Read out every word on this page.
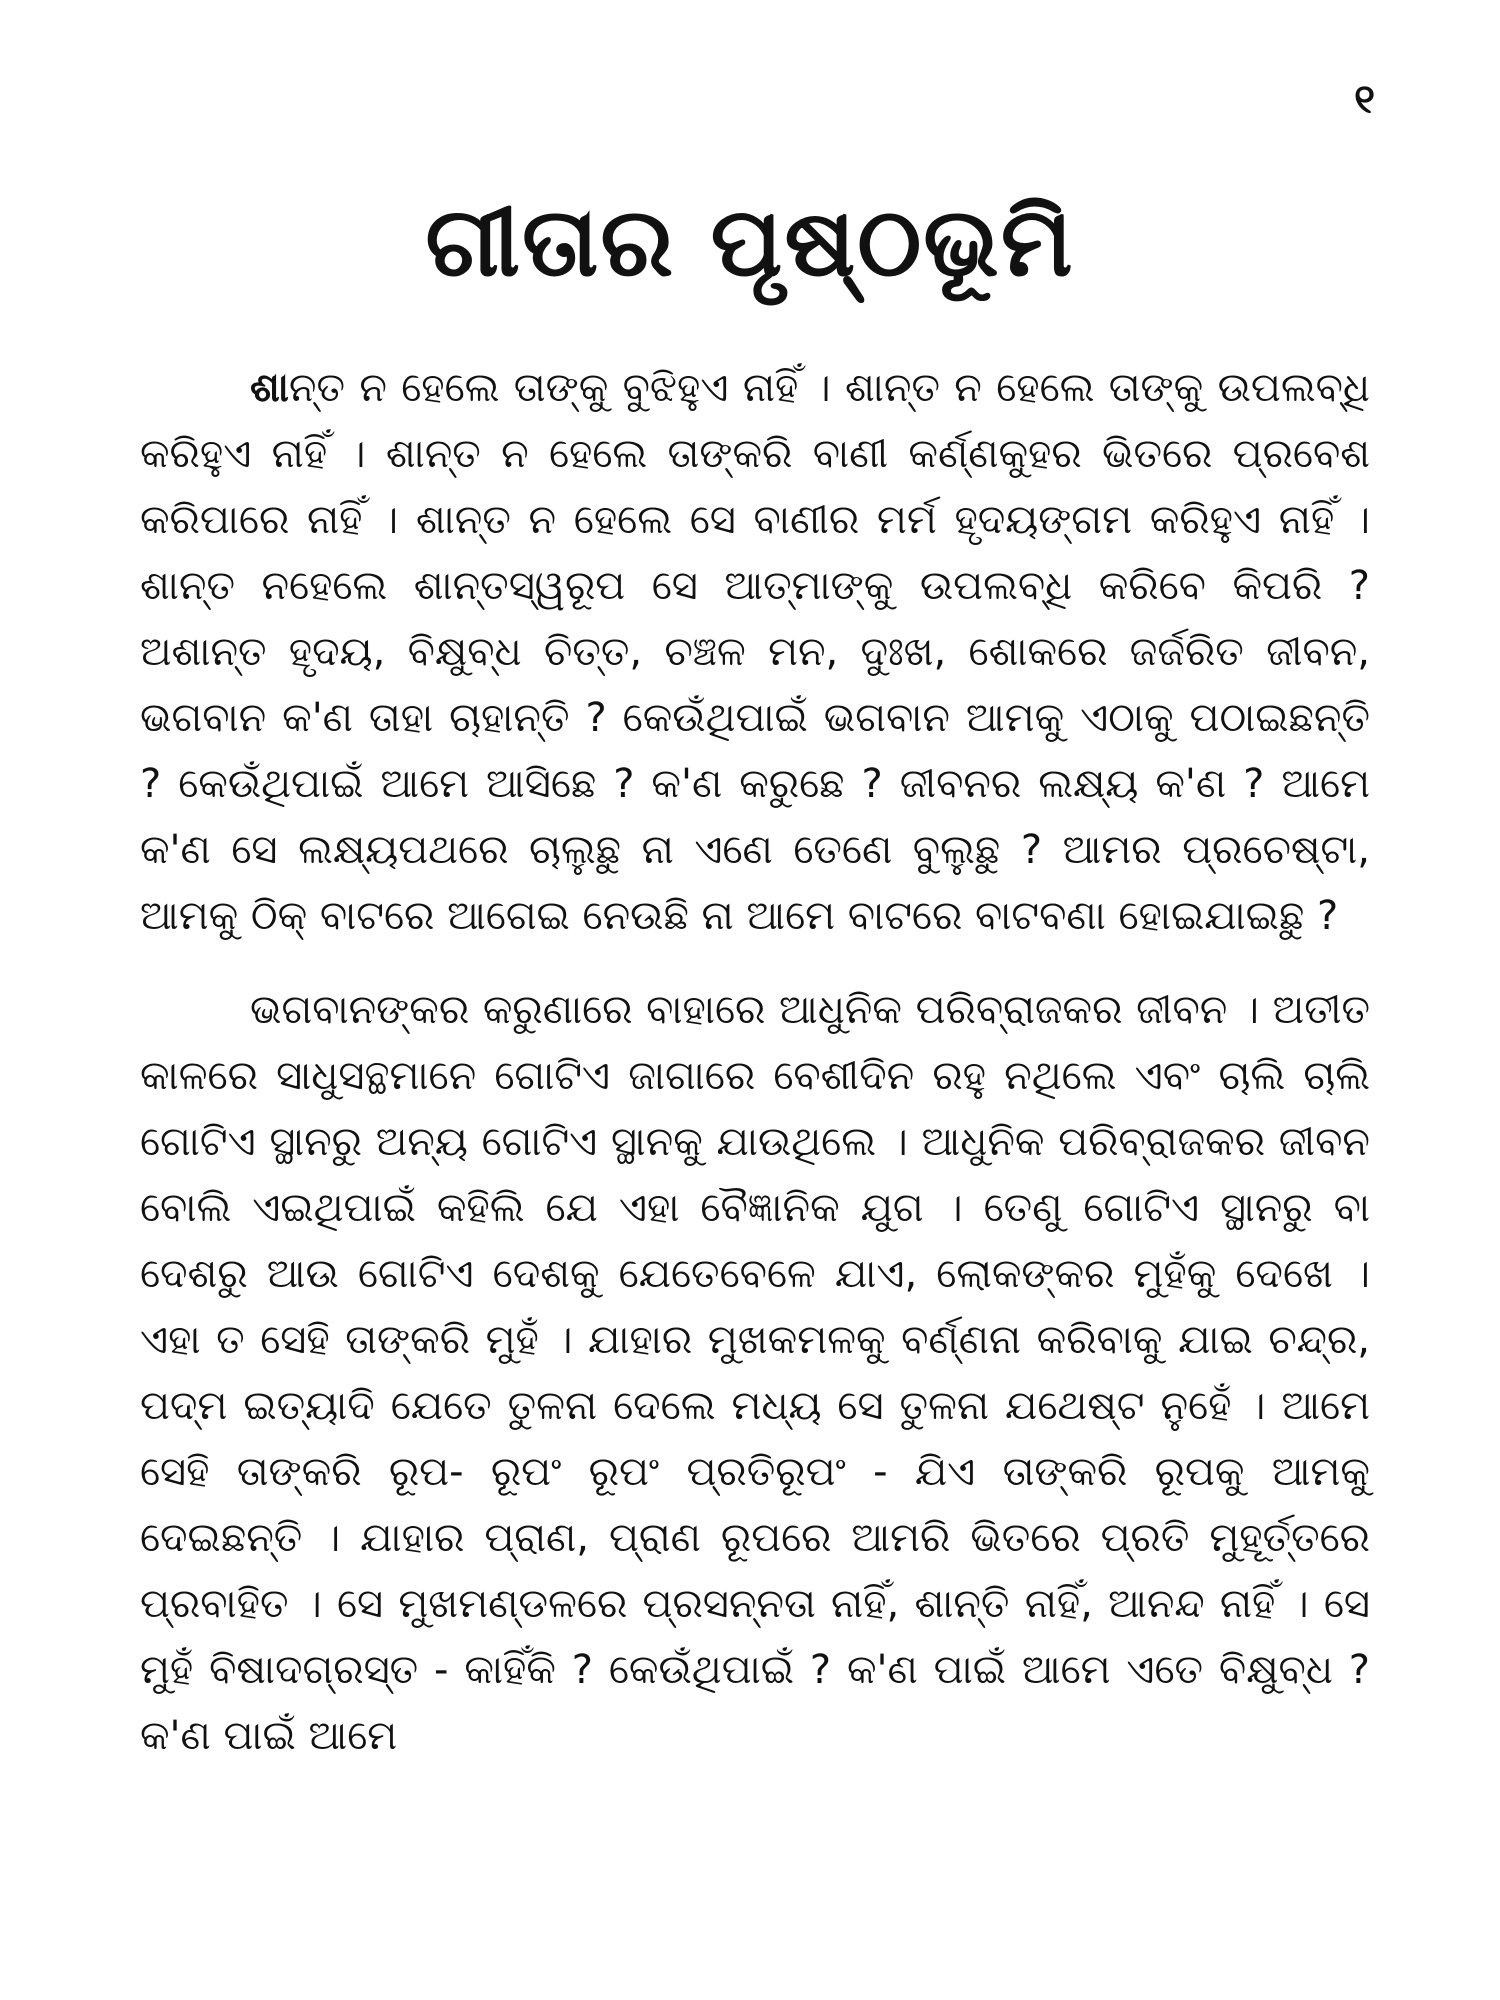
୧
ଗୀତାର ପୃଷ୍ଠଭୂମି

ଶାନ୍ତ ନ ହେଲେ ତାଙ୍କୁ ବୁଝିହୁଏ ନାହିଁ । ଶାନ୍ତ ନ ହେଲେ ତାଙ୍କୁ ଉପଲବ୍ଧି କରିହୁଏ ନାହିଁ । ଶାନ୍ତ ନ ହେଲେ ତାଙ୍କରି ବାଣୀ କର୍ଣ୍ଣକୁହର ଭିତରେ ପ୍ରବେଶ କରିପାରେ ନାହିଁ । ଶାନ୍ତ ନ ହେଲେ ସେ ବାଣୀର ମର୍ମ ହୃଦୟଙ୍ଗମ କରିହୁଏ ନାହିଁ । ଶାନ୍ତ ନହେଲେ ଶାନ୍ତସ୍ୱରୂପ ସେ ଆତ୍ମାଙ୍କୁ ଉପଲବ୍ଧି କରିବେ କିପରି ? ଅଶାନ୍ତ ହୃଦୟ, ବିକ୍ଷୁବ୍ଧ ଚିତ୍ତ, ଚଞ୍ଚଳ ମନ, ଦୁଃଖ, ଶୋକରେ ଜର୍ଜରିତ ଜୀବନ, ଭଗବାନ କ'ଣ ତାହା ଚାହାନ୍ତି ? କେଉଁଥିପାଇଁ ଭଗବାନ ଆମକୁ ଏଠାକୁ ପଠାଇଛନ୍ତି ? କେଉଁଥିପାଇଁ ଆମେ ଆସିଛେ ? କ'ଣ କରୁଛେ ? ଜୀବନର ଲକ୍ଷ୍ୟ କ'ଣ ? ଆମେ କ'ଣ ସେ ଲକ୍ଷ୍ୟପଥରେ ଚାଲୁଛୁ ନା ଏଣେ ତେଣେ ବୁଲୁଛୁ ? ଆମର ପ୍ରଚେଷ୍ଟା, ଆମକୁ ଠିକ୍ ବାଟରେ ଆଗେଇ ନେଉଛି ନା ଆମେ ବାଟରେ ବାଟବଣା ହୋଇଯାଇଛୁ ?

ଭଗବାନଙ୍କର କରୁଣାରେ ବାହାରେ ଆଧୁନିକ ପରିବ୍ରାଜକର ଜୀବନ । ଅତୀତ କାଳରେ ସାଧୁସନ୍ଥମାନେ ଗୋଟିଏ ଜାଗାରେ ବେଶୀଦିନ ରହୁ ନଥିଲେ ଏବଂ ଚାଲି ଚାଲି ଗୋଟିଏ ସ୍ଥାନରୁ ଅନ୍ୟ ଗୋଟିଏ ସ୍ଥାନକୁ ଯାଉଥିଲେ । ଆଧୁନିକ ପରିବ୍ରାଜକର ଜୀବନ ବୋଲି ଏଇଥିପାଇଁ କହିଲି ଯେ ଏହା ବୈଜ୍ଞାନିକ ଯୁଗ । ତେଣୁ ଗୋଟିଏ ସ୍ଥାନରୁ ବା ଦେଶରୁ ଆଉ ଗୋଟିଏ ଦେଶକୁ ଯେତେବେଳେ ଯାଏ, ଲୋକଙ୍କର ମୁହଁକୁ ଦେଖେ । ଏହା ତ ସେହି ତାଙ୍କରି ମୁହଁ । ଯାହାର ମୁଖକମଳକୁ ବର୍ଣ୍ଣନା କରିବାକୁ ଯାଇ ଚନ୍ଦ୍ର, ପଦ୍ମ ଇତ୍ୟାଦି ଯେତେ ତୁଳନା ଦେଲେ ମଧ୍ୟ ସେ ତୁଳନା ଯଥେଷ୍ଟ ନୁହେଁ । ଆମେ ସେହି ତାଙ୍କରି ରୂପ- ରୂପଂ ରୂପଂ ପ୍ରତିରୂପଂ - ଯିଏ ତାଙ୍କରି ରୂପକୁ ଆମକୁ ଦେଇଛନ୍ତି । ଯାହାର ପ୍ରାଣ, ପ୍ରାଣ ରୂପରେ ଆମରି ଭିତରେ ପ୍ରତି ମୁହୂର୍ତ୍ତରେ ପ୍ରବାହିତ । ସେ ମୁଖମଣ୍ଡଳରେ ପ୍ରସନ୍ନତା ନାହିଁ, ଶାନ୍ତି ନାହିଁ, ଆନନ୍ଦ ନାହିଁ । ସେ ମୁହଁ ବିଷାଦଗ୍ରସ୍ତ - କାହିଁକି ? କେଉଁଥିପାଇଁ ? କ'ଣ ପାଇଁ ଆମେ ଏତେ ବିକ୍ଷୁବ୍ଧ ? କ'ଣ ପାଇଁ ଆମେ
